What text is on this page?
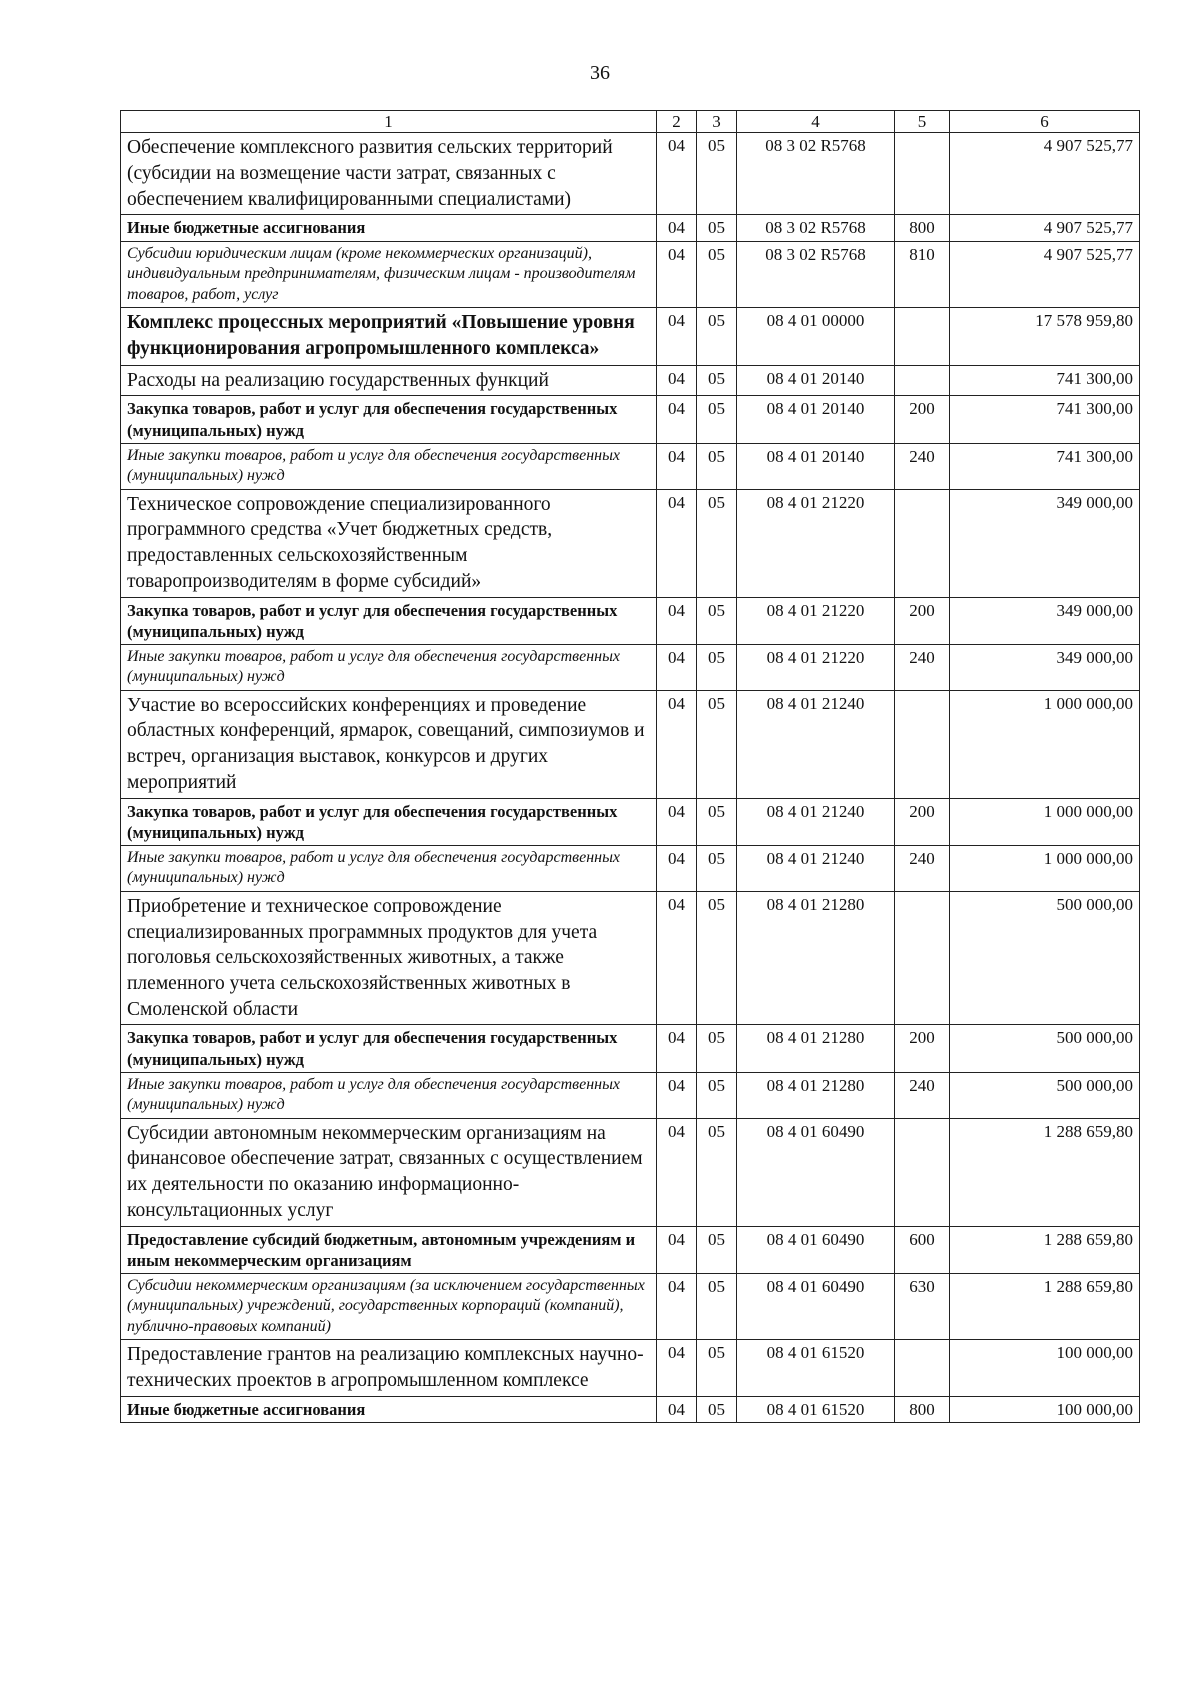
36
1	2	3	4	5	6
Обеспечение комплексного развития сельских территорий (субсидии на возмещение части затрат, связанных с обеспечением квалифицированными специалистами)	04	05	08 3 02 R5768		4 907 525,77
Иные бюджетные ассигнования	04	05	08 3 02 R5768	800	4 907 525,77
Субсидии юридическим лицам (кроме некоммерческих организаций), индивидуальным предпринимателям, физическим лицам - производителям товаров, работ, услуг	04	05	08 3 02 R5768	810	4 907 525,77
Комплекс процессных мероприятий «Повышение уровня функционирования агропромышленного комплекса»	04	05	08 4 01 00000		17 578 959,80
Расходы на реализацию государственных функций	04	05	08 4 01 20140		741 300,00
Закупка товаров, работ и услуг для обеспечения государственных (муниципальных) нужд	04	05	08 4 01 20140	200	741 300,00
Иные закупки товаров, работ и услуг для обеспечения государственных (муниципальных) нужд	04	05	08 4 01 20140	240	741 300,00
Техническое сопровождение специализированного программного средства «Учет бюджетных средств, предоставленных сельскохозяйственным товаропроизводителям в форме субсидий»	04	05	08 4 01 21220		349 000,00
Закупка товаров, работ и услуг для обеспечения государственных (муниципальных) нужд	04	05	08 4 01 21220	200	349 000,00
Иные закупки товаров, работ и услуг для обеспечения государственных (муниципальных) нужд	04	05	08 4 01 21220	240	349 000,00
Участие во всероссийских конференциях и проведение областных конференций, ярмарок, совещаний, симпозиумов и встреч, организация выставок, конкурсов и других мероприятий	04	05	08 4 01 21240		1 000 000,00
Закупка товаров, работ и услуг для обеспечения государственных (муниципальных) нужд	04	05	08 4 01 21240	200	1 000 000,00
Иные закупки товаров, работ и услуг для обеспечения государственных (муниципальных) нужд	04	05	08 4 01 21240	240	1 000 000,00
Приобретение и техническое сопровождение специализированных программных продуктов для учета поголовья сельскохозяйственных животных, а также племенного учета сельскохозяйственных животных в Смоленской области	04	05	08 4 01 21280		500 000,00
Закупка товаров, работ и услуг для обеспечения государственных (муниципальных) нужд	04	05	08 4 01 21280	200	500 000,00
Иные закупки товаров, работ и услуг для обеспечения государственных (муниципальных) нужд	04	05	08 4 01 21280	240	500 000,00
Субсидии автономным некоммерческим организациям на финансовое обеспечение затрат, связанных с осуществлением их деятельности по оказанию информационно-консультационных услуг	04	05	08 4 01 60490		1 288 659,80
Предоставление субсидий бюджетным, автономным учреждениям и иным некоммерческим организациям	04	05	08 4 01 60490	600	1 288 659,80
Субсидии некоммерческим организациям (за исключением государственных (муниципальных) учреждений, государственных корпораций (компаний), публично-правовых компаний)	04	05	08 4 01 60490	630	1 288 659,80
Предоставление грантов на реализацию комплексных научно-технических проектов в агропромышленном комплексе	04	05	08 4 01 61520		100 000,00
Иные бюджетные ассигнования	04	05	08 4 01 61520	800	100 000,00
